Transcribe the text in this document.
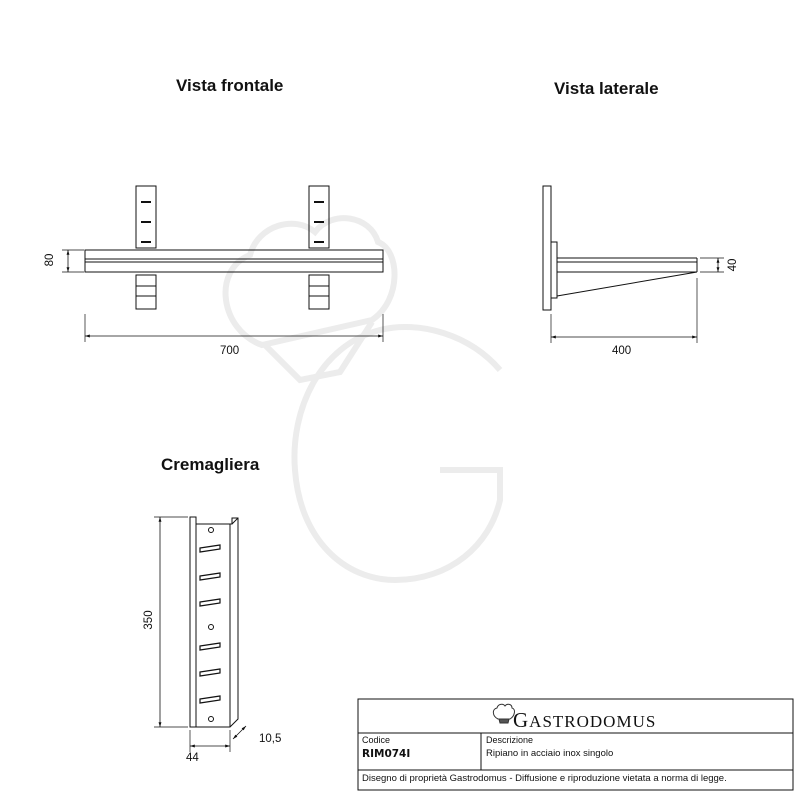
Vista frontale	Vista laterale
Cremagliera
80
700
40
400
350
44
10,5
GASTRODOMUS
Codice
RIM074I
Descrizione
Ripiano in acciaio inox singolo
Disegno di proprietà Gastrodomus - Diffusione e riproduzione vietata a norma di legge.
